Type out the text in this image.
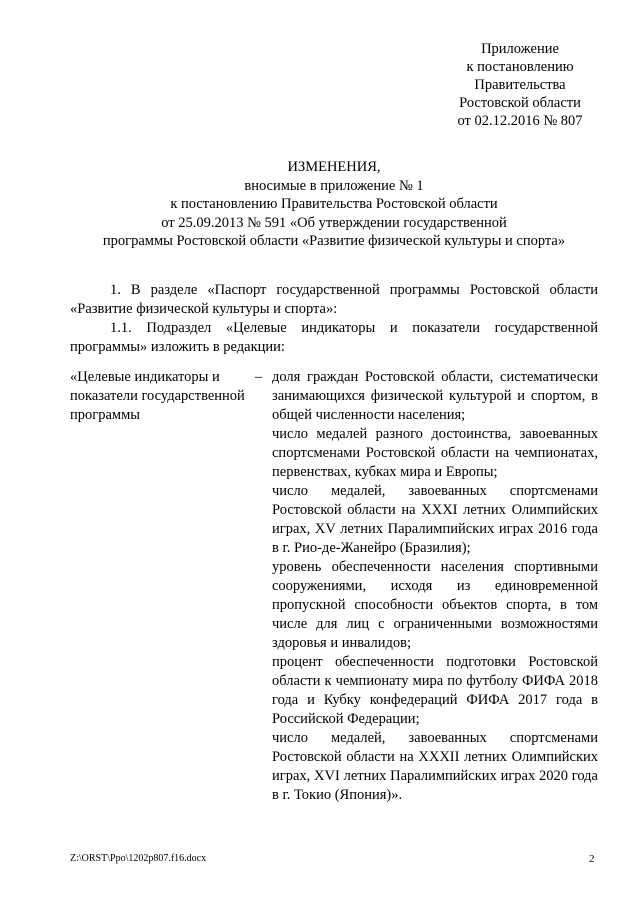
Приложение
к постановлению
Правительства
Ростовской области
от 02.12.2016 № 807
ИЗМЕНЕНИЯ,
вносимые в приложение № 1
к постановлению Правительства Ростовской области
от 25.09.2013 № 591 «Об утверждении государственной
программы Ростовской области «Развитие физической культуры и спорта»
1. В разделе «Паспорт государственной программы Ростовской области «Развитие физической культуры и спорта»:
1.1. Подраздел «Целевые индикаторы и показатели государственной программы» изложить в редакции:
«Целевые индикаторы и
показатели государственной
программы
– доля граждан Ростовской области, систематически занимающихся физической культурой и спортом, в общей численности населения;

число медалей разного достоинства, завоеванных спортсменами Ростовской области на чемпионатах, первенствах, кубках мира и Европы;

число медалей, завоеванных спортсменами Ростовской области на XXXI летних Олимпийских играх, XV летних Паралимпийских играх 2016 года в г. Рио-де-Жанейро (Бразилия);

уровень обеспеченности населения спортивными сооружениями, исходя из единовременной пропускной способности объектов спорта, в том числе для лиц с ограниченными возможностями здоровья и инвалидов;

процент обеспеченности подготовки Ростовской области к чемпионату мира по футболу ФИФА 2018 года и Кубку конфедераций ФИФА 2017 года в Российской Федерации;

число медалей, завоеванных спортсменами Ростовской области на XXXII летних Олимпийских играх, XVI летних Паралимпийских играх 2020 года в г. Токио (Япония)».

Z:\ORST\Ppo\1202p807.f16.docx	2
